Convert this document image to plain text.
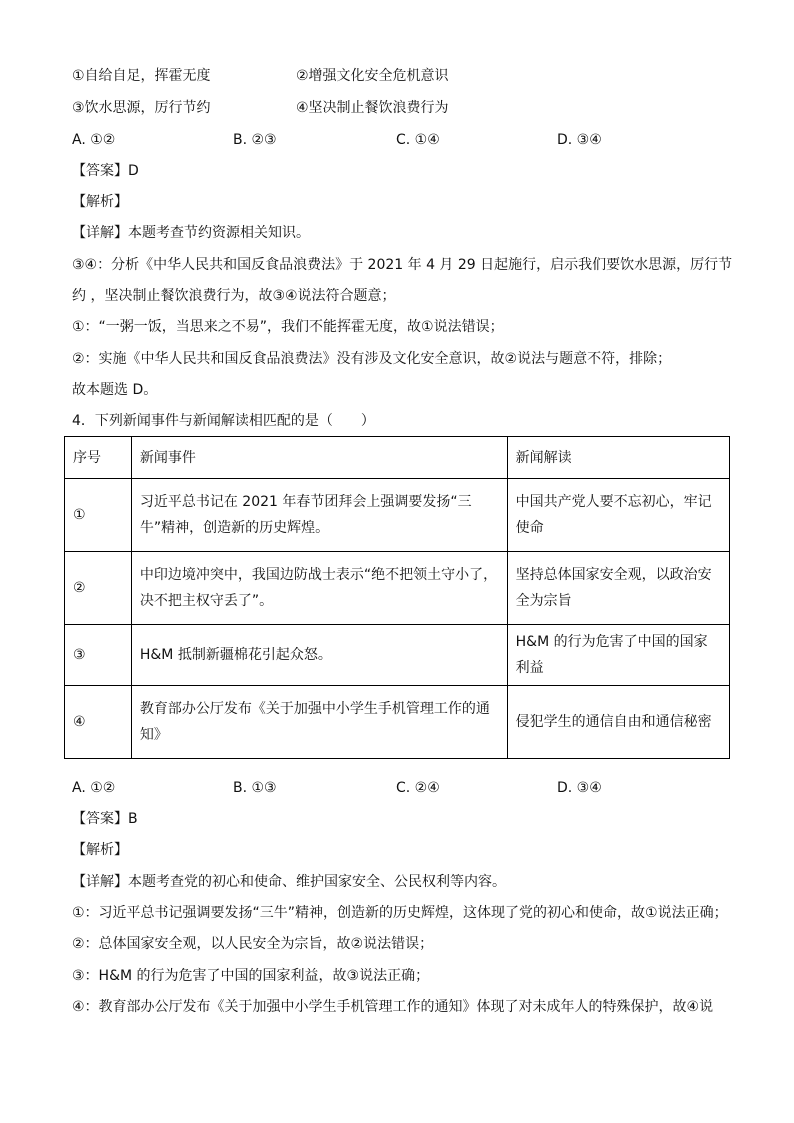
①自给自足，挥霍无度	②增强文化安全危机意识
③饮水思源，厉行节约	④坚决制止餐饮浪费行为
A. ①②	B. ②③	C. ①④	D. ③④
【答案】D
【解析】
【详解】本题考查节约资源相关知识。
③④：分析《中华人民共和国反食品浪费法》于 2021 年 4 月 29 日起施行，启示我们要饮水思源，厉行节
约 ，坚决制止餐饮浪费行为，故③④说法符合题意；
①：“一粥一饭，当思来之不易”，我们不能挥霍无度，故①说法错误；
②：实施《中华人民共和国反食品浪费法》没有涉及文化安全意识，故②说法与题意不符，排除；
故本题选 D。
4．下列新闻事件与新闻解读相匹配的是（　　）
序号	新闻事件	新闻解读
①	习近平总书记在 2021 年春节团拜会上强调要发扬“三牛”精神，创造新的历史辉煌。	中国共产党人要不忘初心，牢记使命
②	中印边境冲突中，我国边防战士表示“绝不把领土守小了，决不把主权守丢了”。	坚持总体国家安全观，以政治安全为宗旨
③	H&M 抵制新疆棉花引起众怒。	H&M 的行为危害了中国的国家利益
④	教育部办公厅发布《关于加强中小学生手机管理工作的通知》	侵犯学生的通信自由和通信秘密
A. ①②	B. ①③	C. ②④	D. ③④
【答案】B
【解析】
【详解】本题考查党的初心和使命、维护国家安全、公民权利等内容。
①：习近平总书记强调要发扬“三牛”精神，创造新的历史辉煌，这体现了党的初心和使命，故①说法正确；
②：总体国家安全观，以人民安全为宗旨，故②说法错误；
③：H&M 的行为危害了中国的国家利益，故③说法正确；
④：教育部办公厅发布《关于加强中小学生手机管理工作的通知》体现了对未成年人的特殊保护，故④说
